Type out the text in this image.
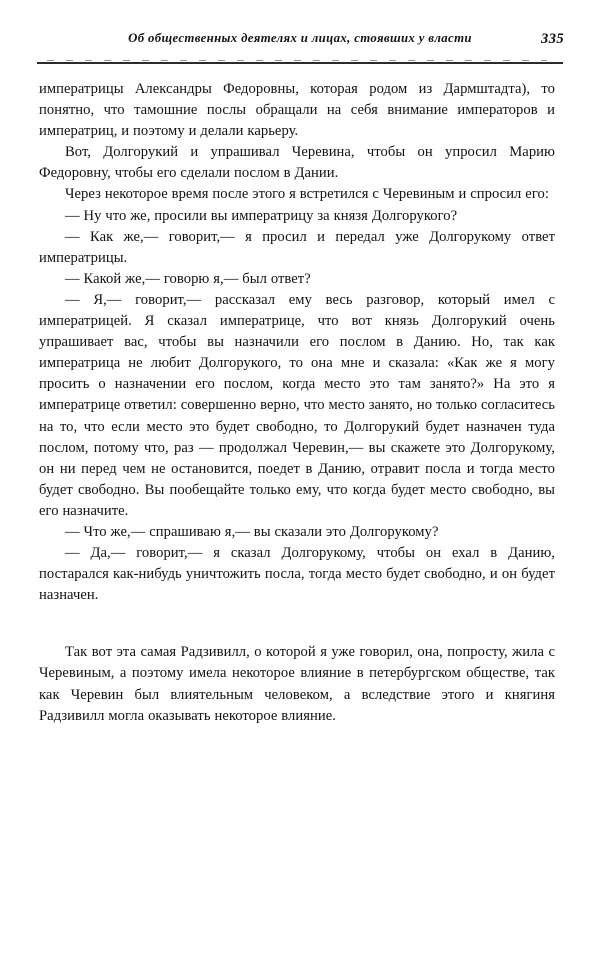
Об общественных деятелях и лицах, стоявших у власти	335

императрицы Александры Федоровны, которая родом из Дармштадта), то понятно, что тамошние послы обращали на себя внимание императоров и императриц, и поэтому и делали карьеру.

Вот, Долгорукий и упрашивал Черевина, чтобы он упросил Марию Федоровну, чтобы его сделали послом в Дании.

Через некоторое время после этого я встретился с Черевиным и спросил его:

— Ну что же, просили вы императрицу за князя Долгорукого?

— Как же,— говорит,— я просил и передал уже Долгорукому ответ императрицы.

— Какой же,— говорю я,— был ответ?

— Я,— говорит,— рассказал ему весь разговор, который имел с императрицей. Я сказал императрице, что вот князь Долгорукий очень упрашивает вас, чтобы вы назначили его послом в Данию. Но, так как императрица не любит Долгорукого, то она мне и сказала: «Как же я могу просить о назначении его послом, когда место это там занято?» На это я императрице ответил: совершенно верно, что место занято, но только согласитесь на то, что если место это будет свободно, то Долгорукий будет назначен туда послом, потому что, раз — продолжал Черевин,— вы скажете это Долгорукому, он ни перед чем не остановится, поедет в Данию, отравит посла и тогда место будет свободно. Вы пообещайте только ему, что когда будет место свободно, вы его назначите.

— Что же,— спрашиваю я,— вы сказали это Долгорукому?

— Да,— говорит,— я сказал Долгорукому, чтобы он ехал в Данию, постарался как-нибудь уничтожить посла, тогда место будет свободно, и он будет назначен.

Так вот эта самая Радзивилл, о которой я уже говорил, она, попросту, жила с Черевиным, а поэтому имела некоторое влияние в петербургском обществе, так как Черевин был влиятельным человеком, а вследствие этого и княгиня Радзивилл могла оказывать некоторое влияние.
